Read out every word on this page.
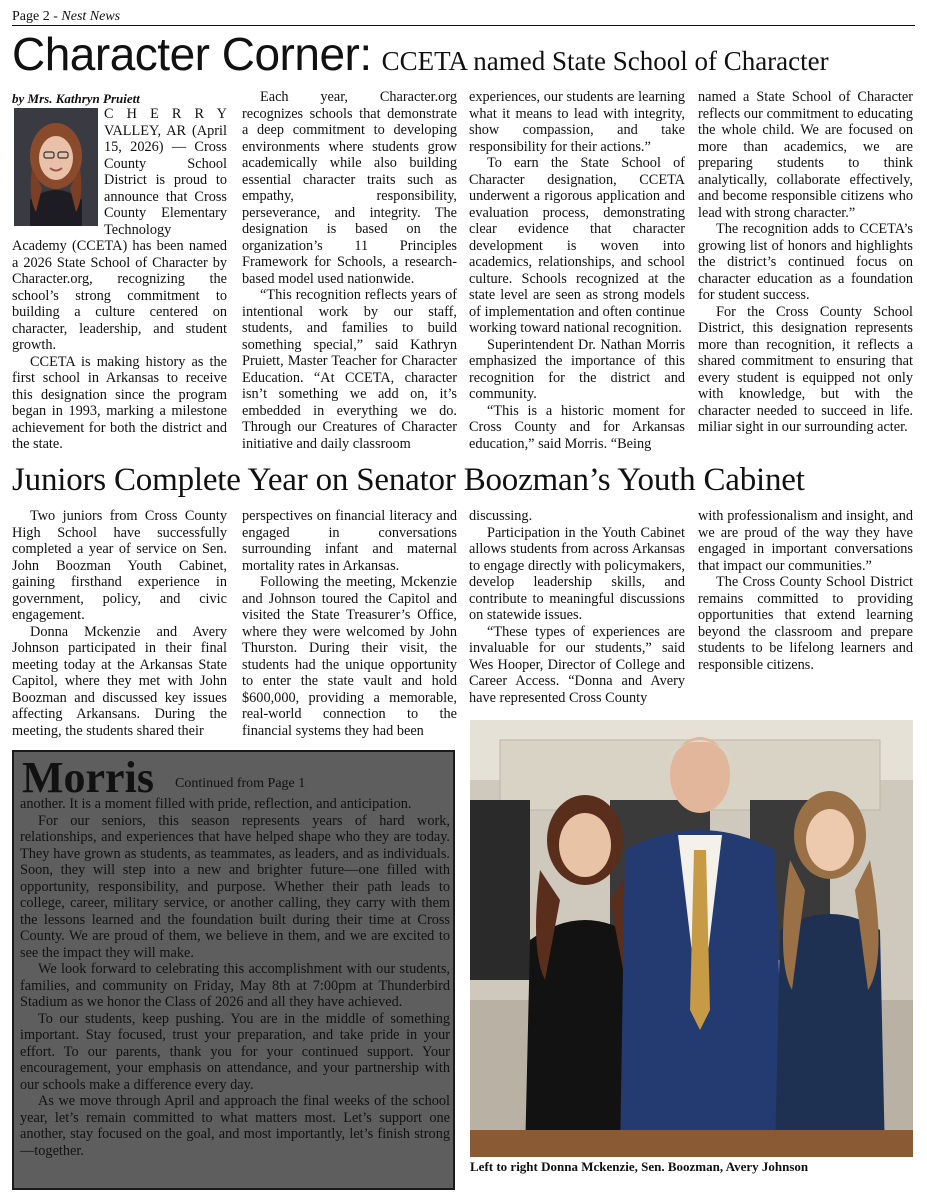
Page 2 - Nest News
Character Corner: CCETA named State School of Character
by Mrs. Kathryn Pruiett

C H E R R Y VALLEY, AR (April 15, 2026) — Cross County School District is proud to announce that Cross County Elementary Technology Academy (CCETA) has been named a 2026 State School of Character by Character.org, recognizing the school’s strong commitment to building a culture centered on character, leadership, and student growth.

CCETA is making history as the first school in Arkansas to receive this designation since the program began in 1993, marking a milestone achievement for both the district and the state.

Each year, Character.org recognizes schools that demonstrate a deep commitment to developing environments where students grow academically while also building essential character traits such as empathy, responsibility, perseverance, and integrity. The designation is based on the organization’s 11 Principles Framework for Schools, a research-based model used nationwide.

“This recognition reflects years of intentional work by our staff, students, and families to build something special,” said Kathryn Pruiett, Master Teacher for Character Education. “At CCETA, character isn’t something we add on, it’s embedded in everything we do. Through our Creatures of Character initiative and daily classroom

experiences, our students are learning what it means to lead with integrity, show compassion, and take responsibility for their actions.”

To earn the State School of Character designation, CCETA underwent a rigorous application and evaluation process, demonstrating clear evidence that character development is woven into academics, relationships, and school culture. Schools recognized at the state level are seen as strong models of implementation and often continue working toward national recognition.

Superintendent Dr. Nathan Morris emphasized the importance of this recognition for the district and community.

“This is a historic moment for Cross County and for Arkansas education,” said Morris. “Being

named a State School of Character reflects our commitment to educating the whole child. We are focused on more than academics, we are preparing students to think analytically, collaborate effectively, and become responsible citizens who lead with strong character.”

The recognition adds to CCETA’s growing list of honors and highlights the district’s continued focus on character education as a foundation for student success.

For the Cross County School District, this designation represents more than recognition, it reflects a shared commitment to ensuring that every student is equipped not only with knowledge, but with the character needed to succeed in life. miliar sight in our surrounding acter.

Juniors Complete Year on Senator Boozman’s Youth Cabinet

Two juniors from Cross County High School have successfully completed a year of service on Sen. John Boozman Youth Cabinet, gaining firsthand experience in government, policy, and civic engagement.

Donna Mckenzie and Avery Johnson participated in their final meeting today at the Arkansas State Capitol, where they met with John Boozman and discussed key issues affecting Arkansans. During the meeting, the students shared their

perspectives on financial literacy and engaged in conversations surrounding infant and maternal mortality rates in Arkansas.

Following the meeting, Mckenzie and Johnson toured the Capitol and visited the State Treasurer’s Office, where they were welcomed by John Thurston. During their visit, the students had the unique opportunity to enter the state vault and hold $600,000, providing a memorable, real-world connection to the financial systems they had been

discussing.

Participation in the Youth Cabinet allows students from across Arkansas to engage directly with policymakers, develop leadership skills, and contribute to meaningful discussions on statewide issues.

“These types of experiences are invaluable for our students,” said Wes Hooper, Director of College and Career Access. “Donna and Avery have represented Cross County

with professionalism and insight, and we are proud of the way they have engaged in important conversations that impact our communities.”

The Cross County School District remains committed to providing opportunities that extend learning beyond the classroom and prepare students to be lifelong learners and responsible citizens.

Morris Continued from Page 1

another. It is a moment filled with pride, reflection, and anticipation.

For our seniors, this season represents years of hard work, relationships, and experiences that have helped shape who they are today. They have grown as students, as teammates, as leaders, and as individuals. Soon, they will step into a new and brighter future—one filled with opportunity, responsibility, and purpose. Whether their path leads to college, career, military service, or another calling, they carry with them the lessons learned and the foundation built during their time at Cross County. We are proud of them, we believe in them, and we are excited to see the impact they will make.

We look forward to celebrating this accomplishment with our students, families, and community on Friday, May 8th at 7:00pm at Thunderbird Stadium as we honor the Class of 2026 and all they have achieved.

To our students, keep pushing. You are in the middle of something important. Stay focused, trust your preparation, and take pride in your effort. To our parents, thank you for your continued support. Your encouragement, your emphasis on attendance, and your partnership with our schools make a difference every day.

As we move through April and approach the final weeks of the school year, let’s remain committed to what matters most. Let’s support one another, stay focused on the goal, and most importantly, let’s finish strong—together.

Left to right Donna Mckenzie, Sen. Boozman, Avery Johnson
